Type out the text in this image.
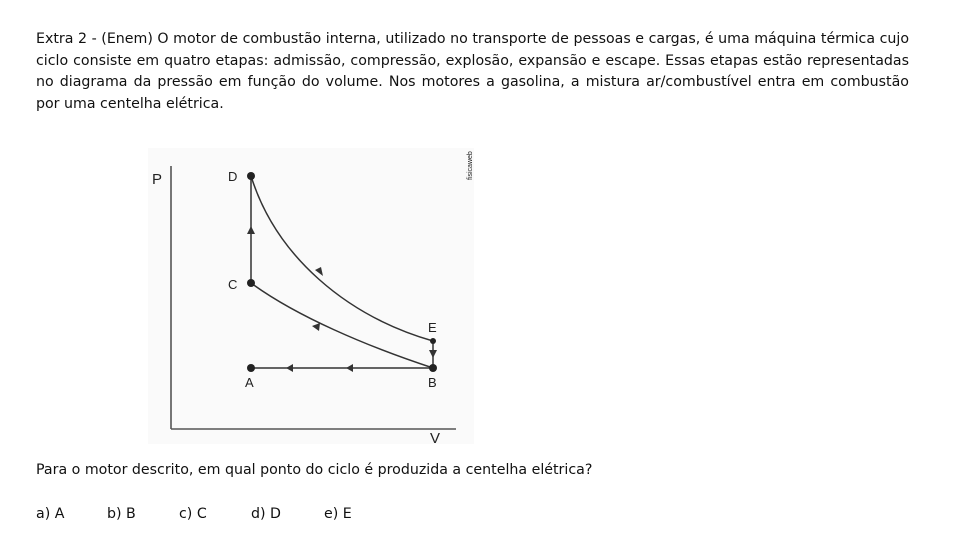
Extra 2 - (Enem) O motor de combustão interna, utilizado no transporte de pessoas e cargas, é uma máquina térmica cujo ciclo consiste em quatro etapas: admissão, compressão, explosão, expansão e escape. Essas etapas estão representadas no diagrama da pressão em função do volume. Nos motores a gasolina, a mistura ar/combustível entra em combustão por uma centelha elétrica.

P
V
A	B
C
D
E
fisicaweb

Para o motor descrito, em qual ponto do ciclo é produzida a centelha elétrica?

a) A	b) B	c) C	d) D	e) E
